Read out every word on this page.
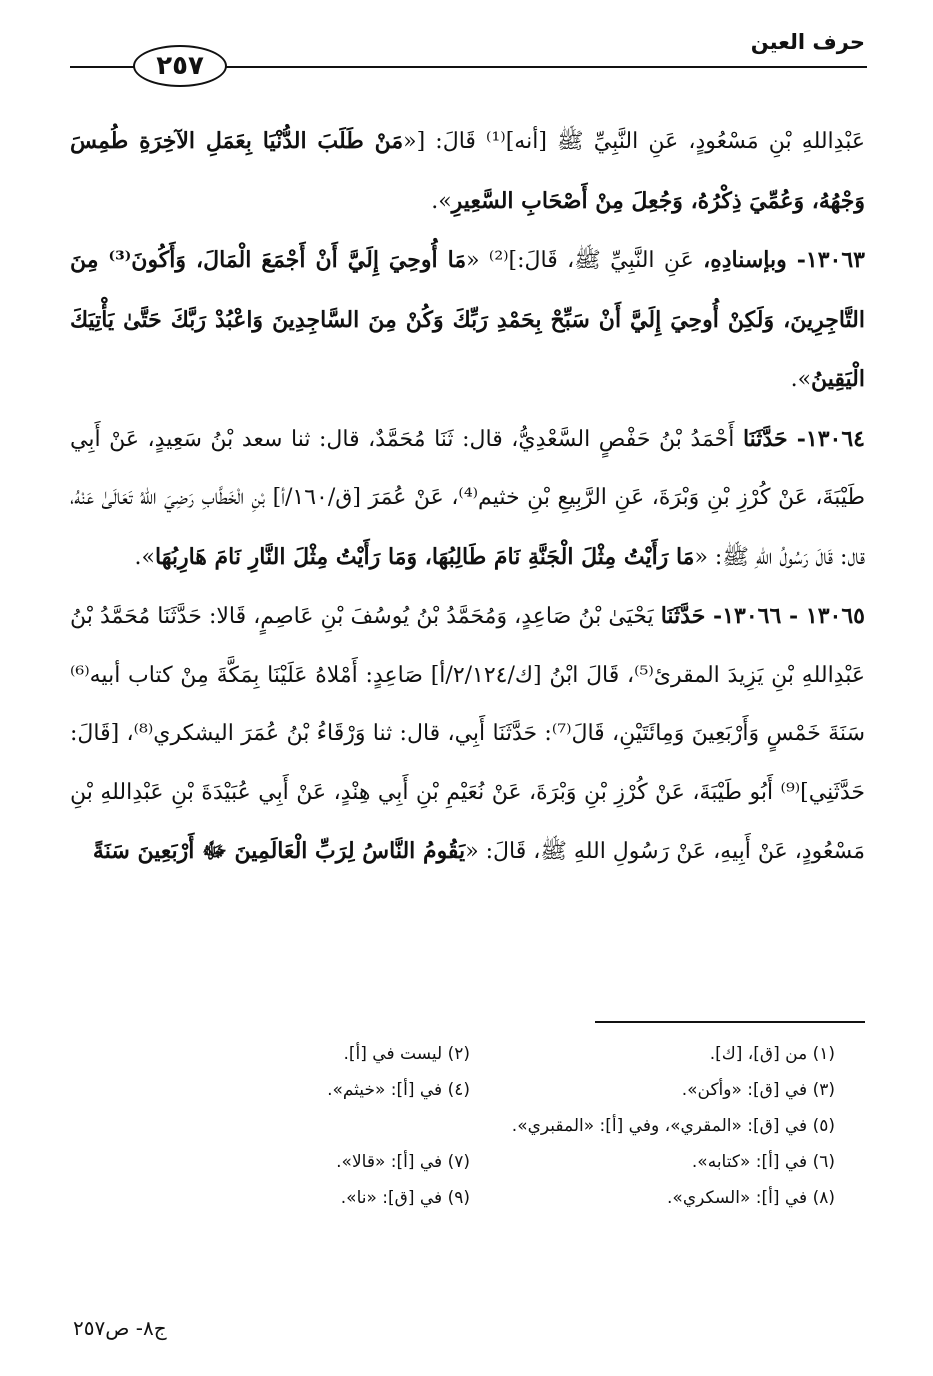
حرف العين
٢٥٧

عَبْدِاللهِ بْنِ مَسْعُودٍ، عَنِ النَّبِيِّ ﷺ [أنه]⁽¹⁾ قَالَ: [«مَنْ طَلَبَ الدُّنْيَا بِعَمَلِ الآخِرَةِ طُمِسَ وَجْهُهُ، وَعُمِّيَ ذِكْرُهُ، وَجُعِلَ مِنْ أَصْحَابِ السَّعِيرِ».

١٣٠٦٣- وبإسنادِهِ، عَنِ النَّبِيِّ ﷺ، قَالَ:]⁽²⁾ «مَا أُوحِيَ إِلَيَّ أَنْ أَجْمَعَ الْمَالَ، وَأَكُونَ⁽³⁾ مِنَ التَّاجِرِينَ، وَلَكِنْ أُوحِيَ إِلَيَّ أَنْ سَبِّحْ بِحَمْدِ رَبِّكَ وَكُنْ مِنَ السَّاجِدِينَ وَاعْبُدْ رَبَّكَ حَتَّىٰ يَأْتِيَكَ الْيَقِينُ».

١٣٠٦٤- حَدَّثَنَا أَحْمَدُ بْنُ حَفْصٍ السَّعْدِيُّ، قال: ثَنَا مُحَمَّدٌ، قال: ثنا سعد بْنُ سَعِيدٍ، عَنْ أَبِي طَيْبَةَ، عَنْ كُرْزِ بْنِ وَبْرَةَ، عَنِ الرَّبِيعِ بْنِ خثيم⁽⁴⁾، عَنْ عُمَرَ [ق/١٦٠/أ] بْنِ الْخَطَّابِ رَضِيَ اللهُ تَعَالَىٰ عَنْهُ، قال: قَالَ رَسُولُ اللهِ ﷺ: «مَا رَأَيْتُ مِثْلَ الْجَنَّةِ نَامَ طَالِبُهَا، وَمَا رَأَيْتُ مِثْلَ النَّارِ نَامَ هَارِبُهَا».

١٣٠٦٥ - ١٣٠٦٦- حَدَّثَنَا يَحْيَىٰ بْنُ صَاعِدٍ، وَمُحَمَّدُ بْنُ يُوسُفَ بْنِ عَاصِمٍ، قَالا: حَدَّثَنَا مُحَمَّدُ بْنُ عَبْدِاللهِ بْنِ يَزِيدَ المقرئ⁽⁵⁾، قَالَ ابْنُ [ك/٢/١٢٤/أ] صَاعِدٍ: أَمْلاهُ عَلَيْنَا بِمَكَّةَ مِنْ كتاب أبيه⁽⁶⁾ سَنَةَ خَمْسٍ وَأَرْبَعِينَ وَمِائَتَيْنِ، قَالَ⁽⁷⁾: حَدَّثَنَا أَبِي، قال: ثنا وَرْقَاءُ بْنُ عُمَرَ اليشكري⁽⁸⁾، [قَالَ: حَدَّثَنِي]⁽⁹⁾ أَبُو طَيْبَةَ، عَنْ كُرْزِ بْنِ وَبْرَةَ، عَنْ نُعَيْمِ بْنِ أَبِي هِنْدٍ، عَنْ أَبِي عُبَيْدَةَ بْنِ عَبْدِاللهِ بْنِ مَسْعُودٍ، عَنْ أَبِيهِ، عَنْ رَسُولِ اللهِ ﷺ، قَالَ: «يَقُومُ النَّاسُ لِرَبِّ الْعَالَمِينَ ﷻ أَرْبَعِينَ سَنَةً

(١) من [ق]، [ك].
(٢) ليست في [أ].
(٣) في [ق]: «وأكن».
(٤) في [أ]: «خيثم».
(٥) في [ق]: «المقري»، وفي [أ]: «المقبري».
(٦) في [أ]: «كتابه».
(٧) في [أ]: «قالا».
(٨) في [أ]: «السكري».
(٩) في [ق]: «نا».
ج٨- ص٢٥٧
